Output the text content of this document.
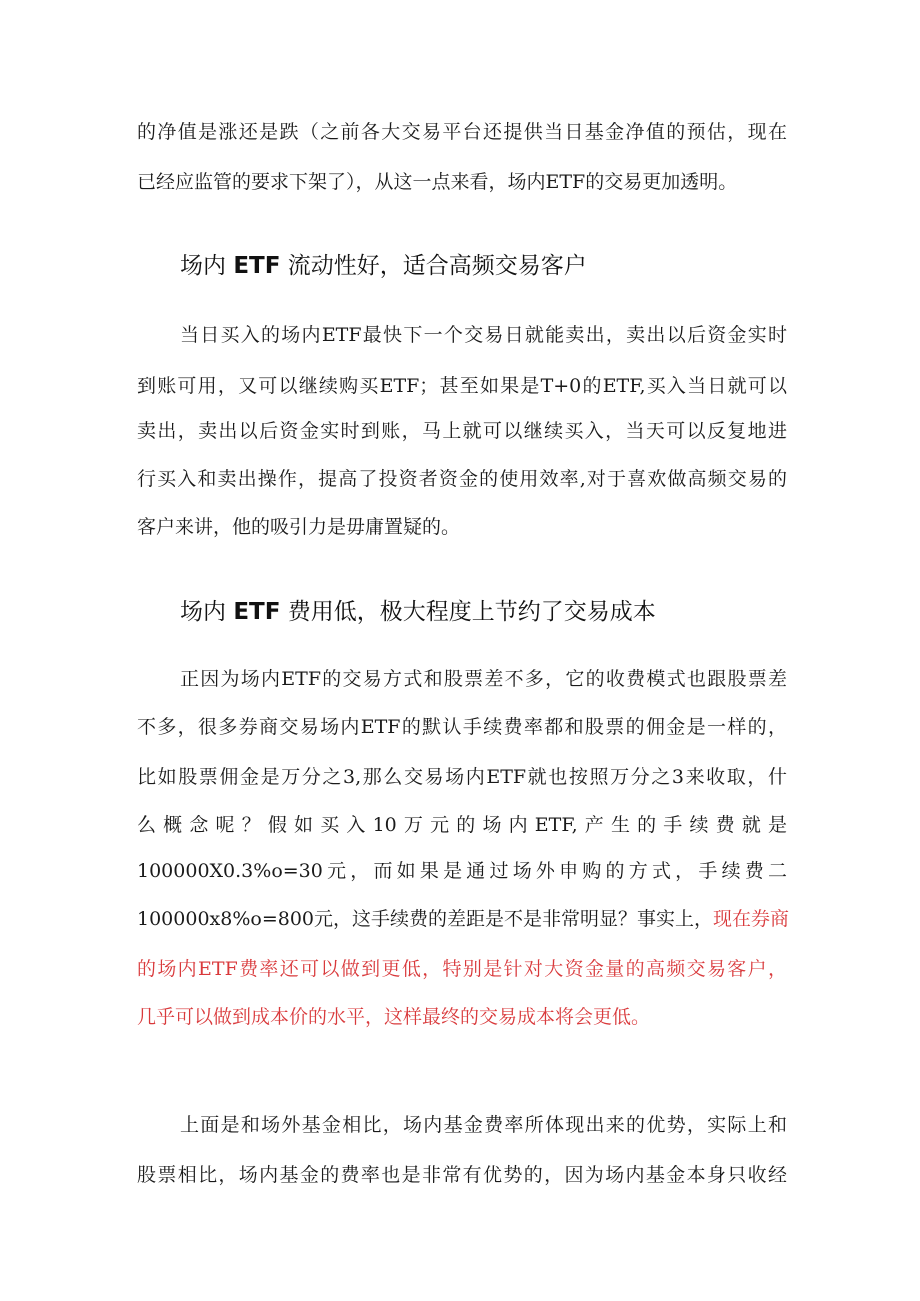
的净值是涨还是跌（之前各大交易平台还提供当日基金净值的预估，现在
已经应监管的要求下架了），从这一点来看，场内ETF的交易更加透明。
场内 ETF 流动性好，适合高频交易客户
当日买入的场内ETF最快下一个交易日就能卖出，卖出以后资金实时
到账可用，又可以继续购买ETF；甚至如果是T+0的ETF,买入当日就可以
卖出，卖出以后资金实时到账，马上就可以继续买入，当天可以反复地进
行买入和卖出操作，提高了投资者资金的使用效率,对于喜欢做高频交易的
客户来讲，他的吸引力是毋庸置疑的。
场内 ETF 费用低，极大程度上节约了交易成本
正因为场内ETF的交易方式和股票差不多，它的收费模式也跟股票差
不多，很多券商交易场内ETF的默认手续费率都和股票的佣金是一样的，
比如股票佣金是万分之3,那么交易场内ETF就也按照万分之3来收取，什
么概念呢？假如买入10万元的场内ETF,产生的手续费就是
100000X0.3%o=30元，而如果是通过场外申购的方式，手续费二
100000x8%o=800元，这手续费的差距是不是非常明显？事实上，现在券商
的场内ETF费率还可以做到更低，特别是针对大资金量的高频交易客户，
几乎可以做到成本价的水平，这样最终的交易成本将会更低。
上面是和场外基金相比，场内基金费率所体现出来的优势，实际上和
股票相比，场内基金的费率也是非常有优势的，因为场内基金本身只收经
